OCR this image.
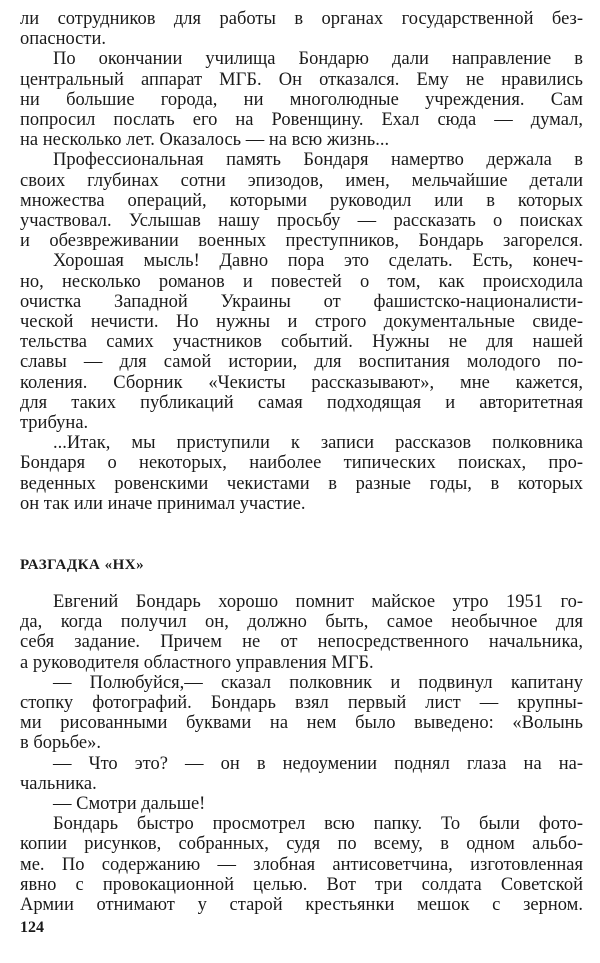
ли сотрудников для работы в органах государственной без-
опасности.
По окончании училища Бондарю дали направление в
центральный аппарат МГБ. Он отказался. Ему не нравились
ни большие города, ни многолюдные учреждения. Сам
попросил послать его на Ровенщину. Ехал сюда — думал,
на несколько лет. Оказалось — на всю жизнь...
Профессиональная память Бондаря намертво держала в
своих глубинах сотни эпизодов, имен, мельчайшие детали
множества операций, которыми руководил или в которых
участвовал. Услышав нашу просьбу — рассказать о поисках
и обезвреживании военных преступников, Бондарь загорелся.
Хорошая мысль! Давно пора это сделать. Есть, конеч-
но, несколько романов и повестей о том, как происходила
очистка Западной Украины от фашистско-националисти-
ческой нечисти. Но нужны и строго документальные свиде-
тельства самих участников событий. Нужны не для нашей
славы — для самой истории, для воспитания молодого по-
коления. Сборник «Чекисты рассказывают», мне кажется,
для таких публикаций самая подходящая и авторитетная
трибуна.
...Итак, мы приступили к записи рассказов полковника
Бондаря о некоторых, наиболее типических поисках, про-
веденных ровенскими чекистами в разные годы, в которых
он так или иначе принимал участие.
РАЗГАДКА «НХ»
Евгений Бондарь хорошо помнит майское утро 1951 го-
да, когда получил он, должно быть, самое необычное для
себя задание. Причем не от непосредственного начальника,
а руководителя областного управления МГБ.
— Полюбуйся,— сказал полковник и подвинул капитану
стопку фотографий. Бондарь взял первый лист — крупны-
ми рисованными буквами на нем было выведено: «Волынь
в борьбе».
— Что это? — он в недоумении поднял глаза на на-
чальника.
— Смотри дальше!
Бондарь быстро просмотрел всю папку. То были фото-
копии рисунков, собранных, судя по всему, в одном альбо-
ме. По содержанию — злобная антисоветчина, изготовленная
явно с провокационной целью. Вот три солдата Советской
Армии отнимают у старой крестьянки мешок с зерном.
124
